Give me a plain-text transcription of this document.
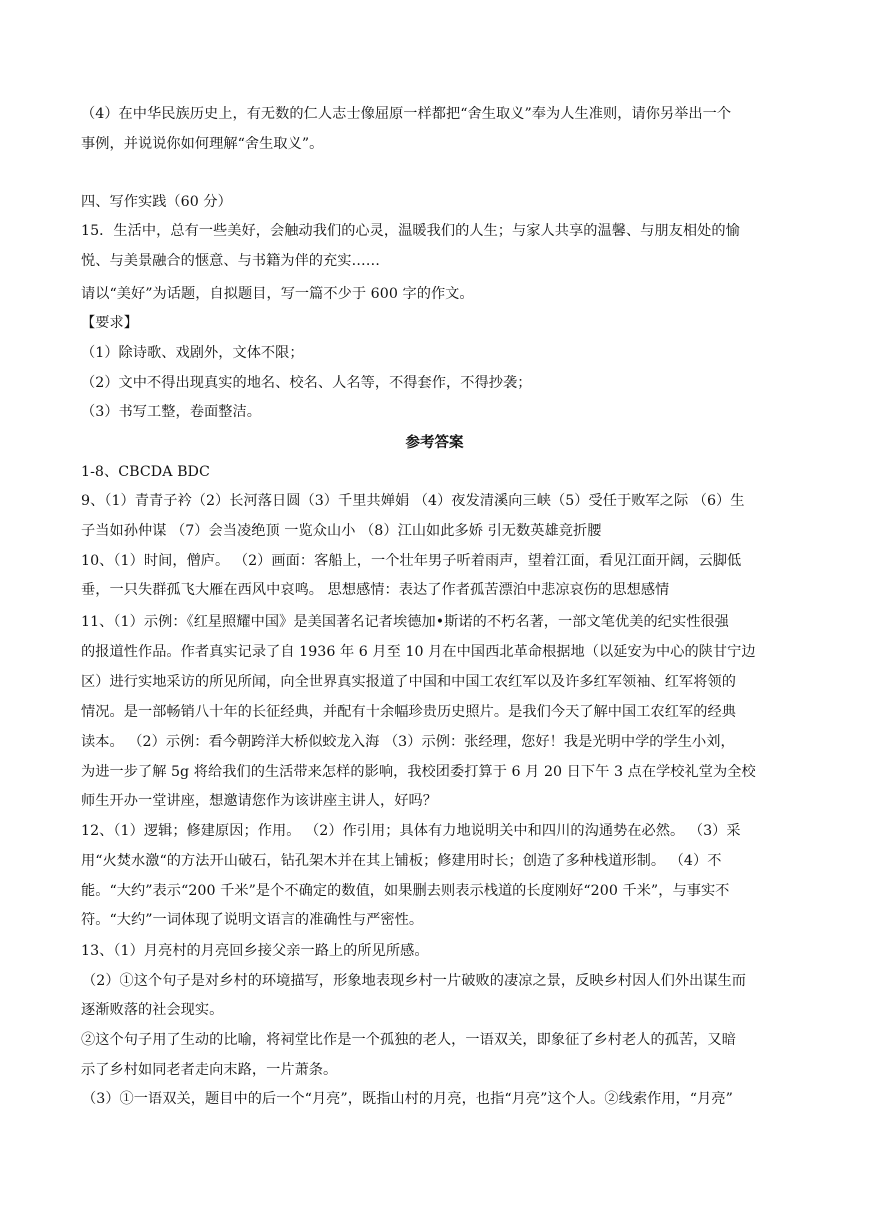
（4）在中华民族历史上，有无数的仁人志士像屈原一样都把“舍生取义”奉为人生准则，请你另举出一个
事例，并说说你如何理解“舍生取义”。
四、写作实践（60 分）
15．生活中，总有一些美好，会触动我们的心灵，温暖我们的人生；与家人共享的温馨、与朋友相处的愉
悦、与美景融合的惬意、与书籍为伴的充实……
请以“美好”为话题，自拟题目，写一篇不少于 600 字的作文。
【要求】
（1）除诗歌、戏剧外，文体不限；
（2）文中不得出现真实的地名、校名、人名等，不得套作，不得抄袭；
（3）书写工整，卷面整洁。
参考答案
1-8、CBCDA BDC
9、（1）青青子衿（2）长河落日圆（3）千里共婵娟 （4）夜发清溪向三峡（5）受任于败军之际 （6）生
子当如孙仲谋 （7）会当凌绝顶 一览众山小 （8）江山如此多娇 引无数英雄竞折腰
10、（1）时间，僧庐。 （2）画面：客船上，一个壮年男子听着雨声，望着江面，看见江面开阔，云脚低
垂，一只失群孤飞大雁在西风中哀鸣。 思想感情：表达了作者孤苦漂泊中悲凉哀伤的思想感情
11、（1）示例：《红星照耀中国》是美国著名记者埃德加•斯诺的不朽名著，一部文笔优美的纪实性很强
的报道性作品。作者真实记录了自 1936 年 6 月至 10 月在中国西北革命根据地（以延安为中心的陕甘宁边
区）进行实地采访的所见所闻，向全世界真实报道了中国和中国工农红军以及许多红军领袖、红军将领的
情况。是一部畅销八十年的长征经典，并配有十余幅珍贵历史照片。是我们今天了解中国工农红军的经典
读本。 （2）示例：看今朝跨洋大桥似蛟龙入海 （3）示例：张经理，您好！我是光明中学的学生小刘，
为进一步了解 5g 将给我们的生活带来怎样的影响，我校团委打算于 6 月 20 日下午 3 点在学校礼堂为全校
师生开办一堂讲座，想邀请您作为该讲座主讲人，好吗？
12、（1）逻辑；修建原因；作用。 （2）作引用；具体有力地说明关中和四川的沟通势在必然。 （3）采
用“火焚水激“的方法开山破石，钻孔架木并在其上铺板；修建用时长；创造了多种栈道形制。 （4）不
能。“大约”表示“200 千米”是个不确定的数值，如果删去则表示栈道的长度刚好“200 千米”，与事实不
符。“大约”一词体现了说明文语言的准确性与严密性。
13、（1）月亮村的月亮回乡接父亲一路上的所见所感。
（2）①这个句子是对乡村的环境描写，形象地表现乡村一片破败的凄凉之景，反映乡村因人们外出谋生而
逐渐败落的社会现实。
②这个句子用了生动的比喻，将祠堂比作是一个孤独的老人，一语双关，即象征了乡村老人的孤苦，又暗
示了乡村如同老者走向末路，一片萧条。
（3）①一语双关，题目中的后一个“月亮”，既指山村的月亮，也指“月亮”这个人。②线索作用，“月亮”
